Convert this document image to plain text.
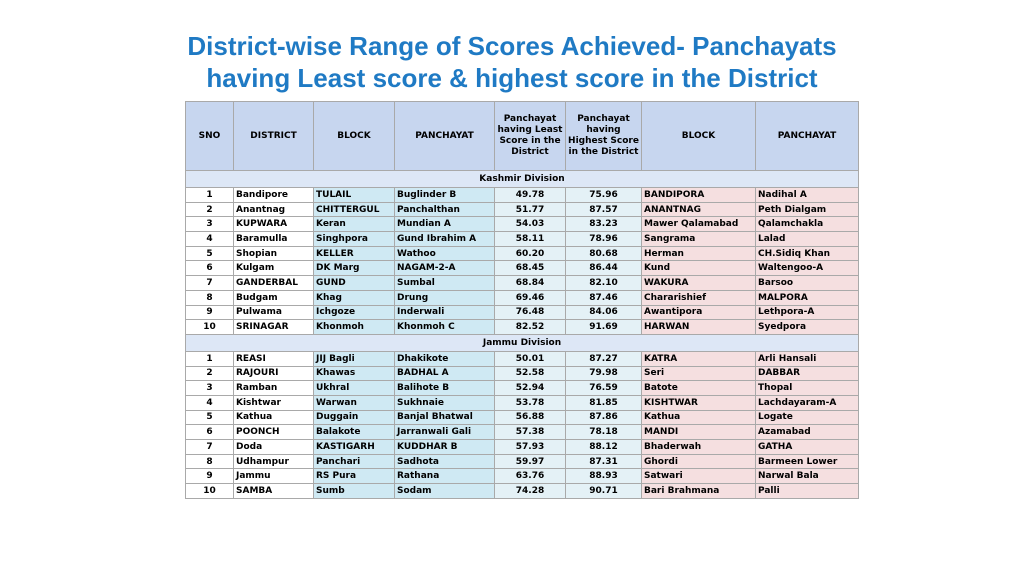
District-wise Range of Scores Achieved- Panchayats
having Least score & highest score in the District
SNO	DISTRICT	BLOCK	PANCHAYAT	Panchayat having Least Score in the District	Panchayat having Highest Score in the District	BLOCK	PANCHAYAT
Kashmir Division							
1	Bandipore	TULAIL	Buglinder B	49.78	75.96	BANDIPORA	Nadihal A
2	Anantnag	CHITTERGUL	Panchalthan	51.77	87.57	ANANTNAG	Peth Dialgam
3	KUPWARA	Keran	Mundian A	54.03	83.23	Mawer Qalamabad	Qalamchakla
4	Baramulla	Singhpora	Gund Ibrahim A	58.11	78.96	Sangrama	Lalad
5	Shopian	KELLER	Wathoo	60.20	80.68	Herman	CH.Sidiq Khan
6	Kulgam	DK Marg	NAGAM-2-A	68.45	86.44	Kund	Waltengoo-A
7	GANDERBAL	GUND	Sumbal	68.84	82.10	WAKURA	Barsoo
8	Budgam	Khag	Drung	69.46	87.46	Chararishief	MALPORA
9	Pulwama	Ichgoze	Inderwali	76.48	84.06	Awantipora	Lethpora-A
10	SRINAGAR	Khonmoh	Khonmoh C	82.52	91.69	HARWAN	Syedpora
Jammu Division							
1	REASI	JIJ Bagli	Dhakikote	50.01	87.27	KATRA	Arli Hansali
2	RAJOURI	Khawas	BADHAL A	52.58	79.98	Seri	DABBAR
3	Ramban	Ukhral	Balihote B	52.94	76.59	Batote	Thopal
4	Kishtwar	Warwan	Sukhnaie	53.78	81.85	KISHTWAR	Lachdayaram-A
5	Kathua	Duggain	Banjal Bhatwal	56.88	87.86	Kathua	Logate
6	POONCH	Balakote	Jarranwali Gali	57.38	78.18	MANDI	Azamabad
7	Doda	KASTIGARH	KUDDHAR B	57.93	88.12	Bhaderwah	GATHA
8	Udhampur	Panchari	Sadhota	59.97	87.31	Ghordi	Barmeen Lower
9	Jammu	RS Pura	Rathana	63.76	88.93	Satwari	Narwal Bala
10	SAMBA	Sumb	Sodam	74.28	90.71	Bari Brahmana	Palli
